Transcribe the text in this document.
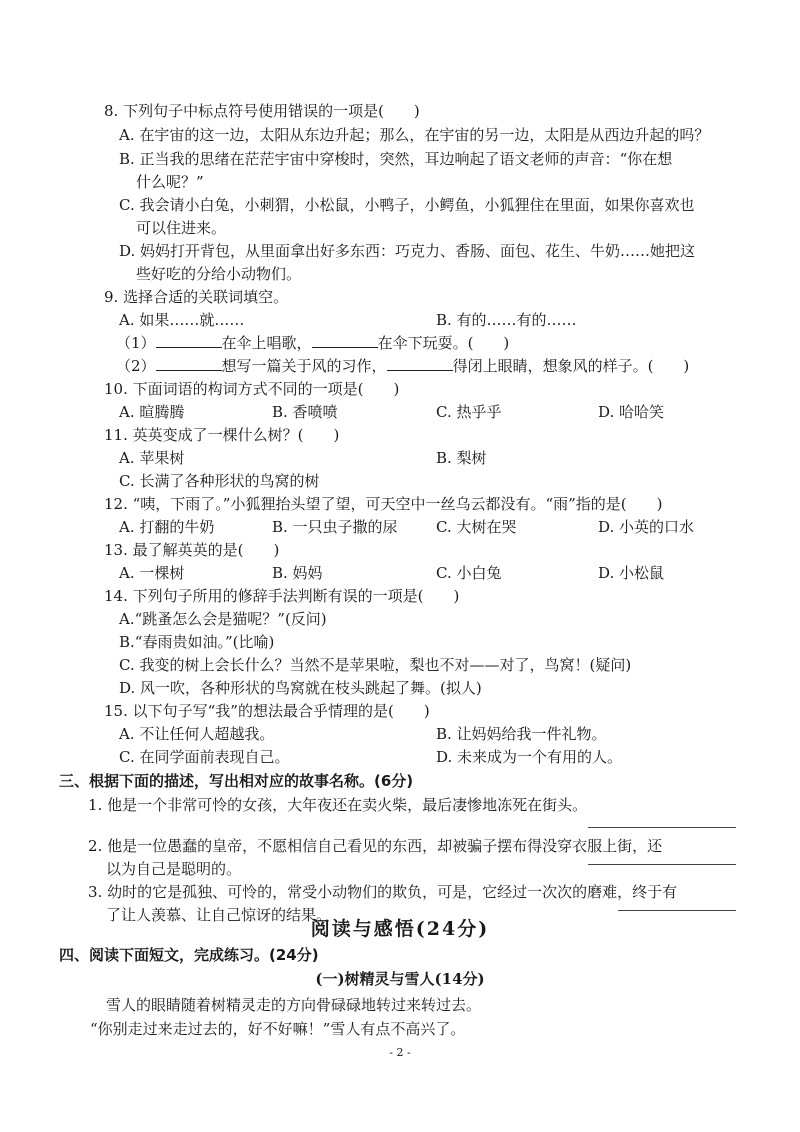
8. 下列句子中标点符号使用错误的一项是(　　)
A. 在宇宙的这一边，太阳从东边升起；那么，在宇宙的另一边，太阳是从西边升起的吗？
B. 正当我的思绪在茫茫宇宙中穿梭时，突然，耳边响起了语文老师的声音：“你在想
什么呢？”
C. 我会请小白兔，小刺猬，小松鼠，小鸭子，小鳄鱼，小狐狸住在里面，如果你喜欢也
可以住进来。
D. 妈妈打开背包，从里面拿出好多东西：巧克力、香肠、面包、花生、牛奶……她把这
些好吃的分给小动物们。
9. 选择合适的关联词填空。
A. 如果……就……	B. 有的……有的……
（1）	在伞上唱歌，	在伞下玩耍。(　　)
（2）	想写一篇关于风的习作，	得闭上眼睛，想象风的样子。(　　)
10. 下面词语的构词方式不同的一项是(　　)
A. 暄腾腾	B. 香喷喷	C. 热乎乎	D. 哈哈笑
11. 英英变成了一棵什么树？(　　)
A. 苹果树	B. 梨树
C. 长满了各种形状的鸟窝的树
12. “咦，下雨了。”小狐狸抬头望了望，可天空中一丝乌云都没有。“雨”指的是(　　)
A. 打翻的牛奶	B. 一只虫子撒的尿	C. 大树在哭	D. 小英的口水
13. 最了解英英的是(　　)
A. 一棵树	B. 妈妈	C. 小白兔	D. 小松鼠
14. 下列句子所用的修辞手法判断有误的一项是(　　)
A.“跳蚤怎么会是猫呢？”(反问)
B.“春雨贵如油。”(比喻)
C. 我变的树上会长什么？当然不是苹果啦，梨也不对——对了，鸟窝！(疑问)
D. 风一吹，各种形状的鸟窝就在枝头跳起了舞。(拟人)
15. 以下句子写“我”的想法最合乎情理的是(　　)
A. 不让任何人超越我。	B. 让妈妈给我一件礼物。
C. 在同学面前表现自己。	D. 未来成为一个有用的人。
三、根据下面的描述，写出相对应的故事名称。(6分)
1. 他是一个非常可怜的女孩，大年夜还在卖火柴，最后凄惨地冻死在街头。
2. 他是一位愚蠢的皇帝，不愿相信自己看见的东西，却被骗子摆布得没穿衣服上街，还
以为自己是聪明的。
3. 幼时的它是孤独、可怜的，常受小动物们的欺负，可是，它经过一次次的磨难，终于有
了让人羡慕、让自己惊讶的结果。
阅读与感悟(24分)
四、阅读下面短文，完成练习。(24分)
(一)树精灵与雪人(14分)
雪人的眼睛随着树精灵走的方向骨碌碌地转过来转过去。
“你别走过来走过去的，好不好嘛！”雪人有点不高兴了。
- 2 -
